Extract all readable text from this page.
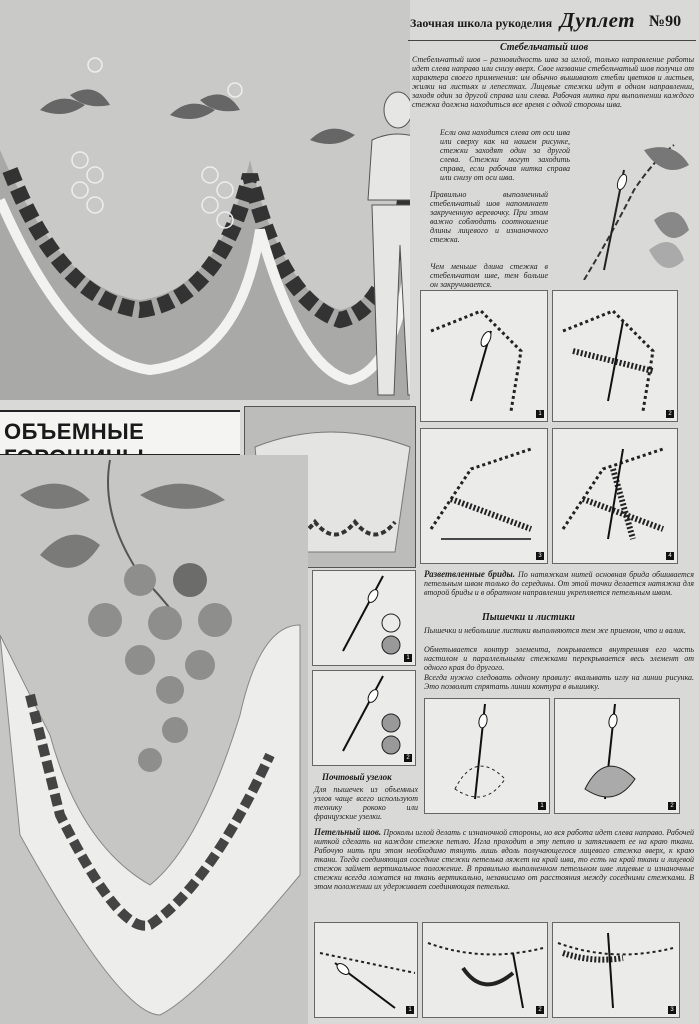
Заочная школа рукоделия Дуплет №90
Стебельчатый шов
Стебельчатый шов – разновидность шва за иглой, только направление работы идет слева направо или снизу вверх. Свое название стебельчатый шов получил от характера своего применения: им обычно вышивают стебли цветков и листьев, жилки на листьях и лепестках. Лицевые стежки идут в одном направлении, заходя один за другой справа или слева. Рабочая нитка при выполнении каждого стежка должна находиться все время с одной стороны шва.
Если она находится слева от оси шва или сверху как на нашем рисунке, стежки заходят один за другой слева. Стежки могут заходить справа, если рабочая нитка справа или снизу от оси шва.
Правильно выполненный стебельчатый шов напоминает закрученную веревочку. При этом важно соблюдать соотношение длины лицевого и изнаночного стежка.
Чем меньше длина стежка в стебельчатом шве, тем больше он закручивается.
ОБЪЕМНЫЕ
1	2
3	4
Разветвленные бриды. По натяжкам нитей основная брида обшивается петельным швом только до середины. От этой точки делается натяжка для второй бриды и в обратном направлении укрепляется петельным швом.
Пышечки и листики
Пышечки и небольшие листики выполняются тем же приемом, что и валик.
Обметывается контур элемента, покрывается внутренняя его часть настилом и параллельными стежками перекрывается весь элемент от одного края до другого.
Всегда нужно следовать одному правилу: вкалывать иглу на линии рисунка. Это позволит спрятать линии контура в вышивку.
1
2
1	2
Почтовый узелок
Для пышечек из объемных узлов чаще всего используют технику рококо или французские узелки.
Петельный шов. Проколы иглой делать с изнаночной стороны, но вся работа идет слева направо. Рабочей ниткой сделать на каждом стежке петлю. Игла проходит в эту петлю и затягивает ее на краю ткани. Рабочую нить при этом необходимо тянуть лишь вдоль получающегося лицевого стежка вверх, к краю ткани. Тогда соединяющая соседние стежки петелька ляжет на край шва, то есть на край ткани и лицевой стежок займет вертикальное положение. В правильно выполненном петельном шве лицевые и изнаночные стежки всегда ложатся на ткань вертикально, независимо от расстояния между соседними стежками. В этом положении их удерживает соединяющая петелька.
1	2	3
